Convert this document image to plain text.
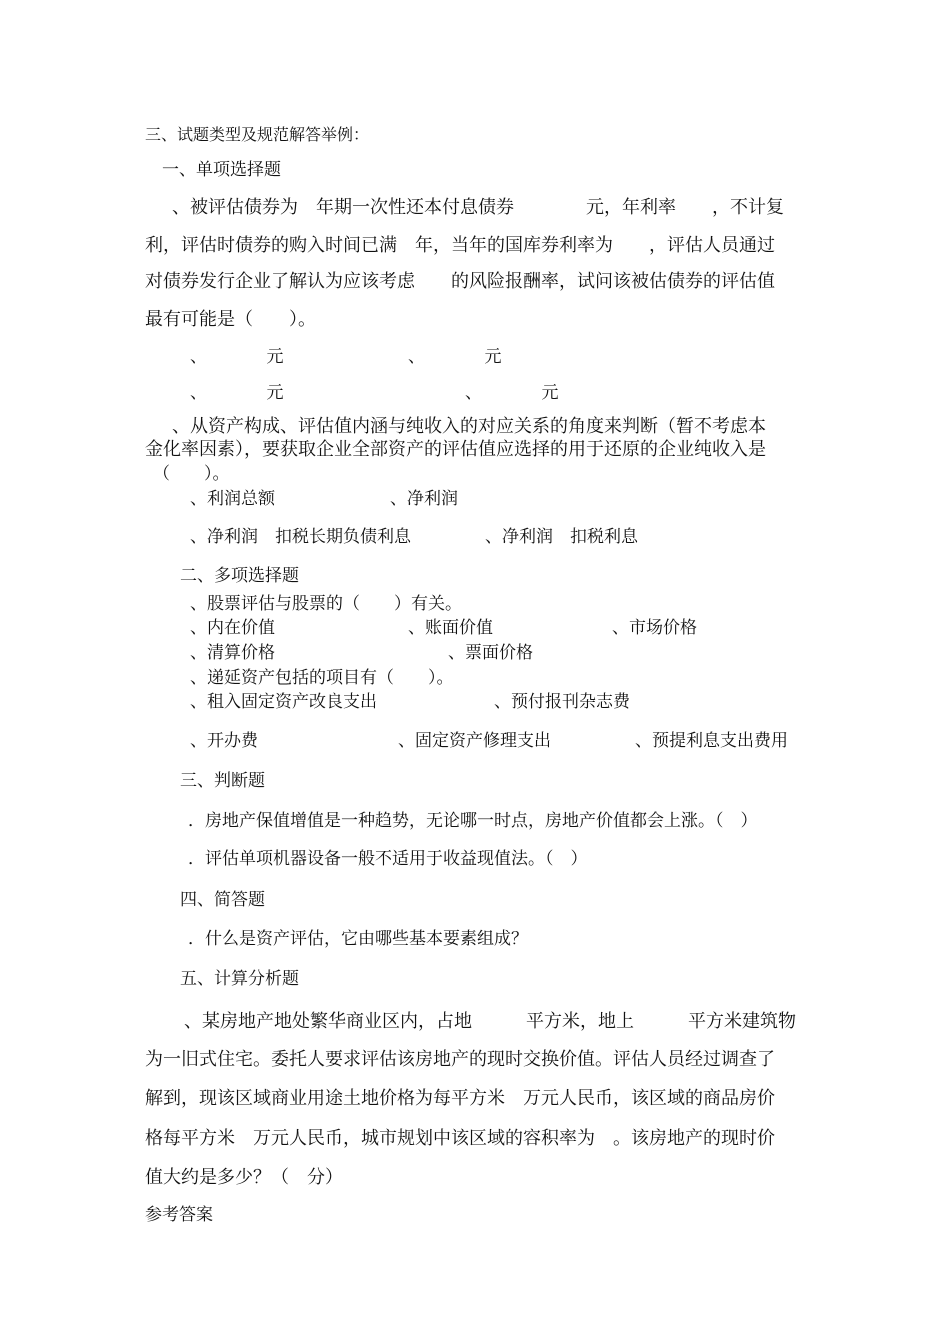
三、试题类型及规范解答举例：
一、单项选择题
、被评估债券为　年期一次性还本付息债券　　　　元，年利率　　，不计复
利，评估时债券的购入时间已满　年，当年的国库券利率为　　，评估人员通过
对债券发行企业了解认为应该考虑　　的风险报酬率，试问该被估债券的评估值
最有可能是（　　）。
、　　　　元	、　　　　元
、　　　　元	、　　　　元
、从资产构成、评估值内涵与纯收入的对应关系的角度来判断（暂不考虑本
金化率因素），要获取企业全部资产的评估值应选择的用于还原的企业纯收入是
（　　）。
、利润总额	、净利润
、净利润　扣税长期负债利息	、净利润　扣税利息
二、多项选择题
、股票评估与股票的（　　）有关。
、内在价值	、账面价值	、市场价格
、清算价格	、票面价格
、递延资产包括的项目有（　　）。
、租入固定资产改良支出	、预付报刊杂志费
、开办费	、固定资产修理支出	、预提利息支出费用
三、判断题
．房地产保值增值是一种趋势，无论哪一时点，房地产价值都会上涨。（　）
．评估单项机器设备一般不适用于收益现值法。（　）
四、简答题
．什么是资产评估，它由哪些基本要素组成？
五、计算分析题
、某房地产地处繁华商业区内，占地　　　平方米，地上　　　平方米建筑物
为一旧式住宅。委托人要求评估该房地产的现时交换价值。评估人员经过调查了
解到，现该区域商业用途土地价格为每平方米　万元人民币，该区域的商品房价
格每平方米　万元人民币，城市规划中该区域的容积率为　。该房地产的现时价
值大约是多少？（　分）
参考答案
